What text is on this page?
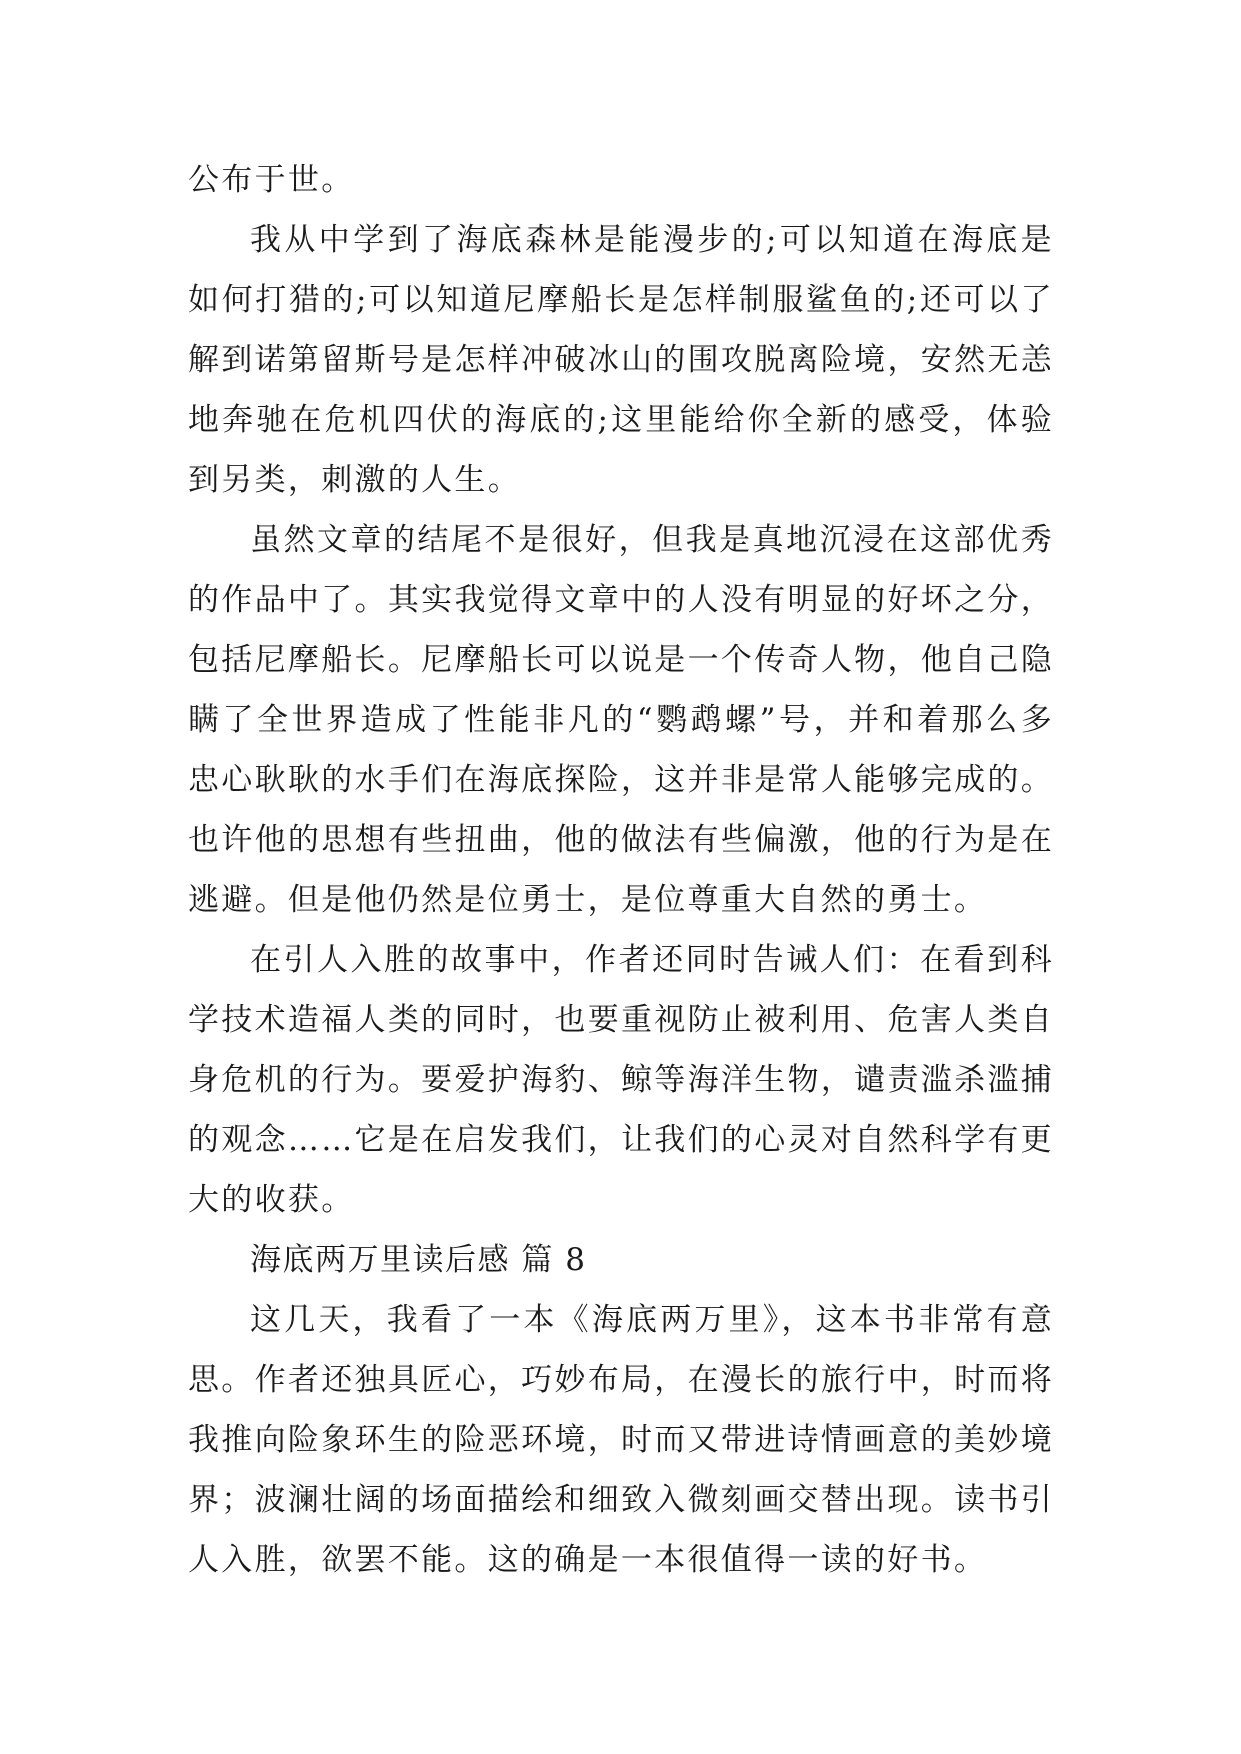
公布于世。

我从中学到了海底森林是能漫步的;可以知道在海底是如何打猎的;可以知道尼摩船长是怎样制服鲨鱼的;还可以了解到诺第留斯号是怎样冲破冰山的围攻脱离险境，安然无恙地奔驰在危机四伏的海底的;这里能给你全新的感受，体验到另类，刺激的人生。

虽然文章的结尾不是很好，但我是真地沉浸在这部优秀的作品中了。其实我觉得文章中的人没有明显的好坏之分，包括尼摩船长。尼摩船长可以说是一个传奇人物，他自己隐瞒了全世界造成了性能非凡的“鹦鹉螺”号，并和着那么多忠心耿耿的水手们在海底探险，这并非是常人能够完成的。也许他的思想有些扭曲，他的做法有些偏激，他的行为是在逃避。但是他仍然是位勇士，是位尊重大自然的勇士。

在引人入胜的故事中，作者还同时告诫人们：在看到科学技术造福人类的同时，也要重视防止被利用、危害人类自身危机的行为。要爱护海豹、鲸等海洋生物，谴责滥杀滥捕的观念……它是在启发我们，让我们的心灵对自然科学有更大的收获。

海底两万里读后感 篇 8

这几天，我看了一本《海底两万里》，这本书非常有意思。作者还独具匠心，巧妙布局，在漫长的旅行中，时而将我推向险象环生的险恶环境，时而又带进诗情画意的美妙境界；波澜壮阔的场面描绘和细致入微刻画交替出现。读书引人入胜，欲罢不能。这的确是一本很值得一读的好书。
